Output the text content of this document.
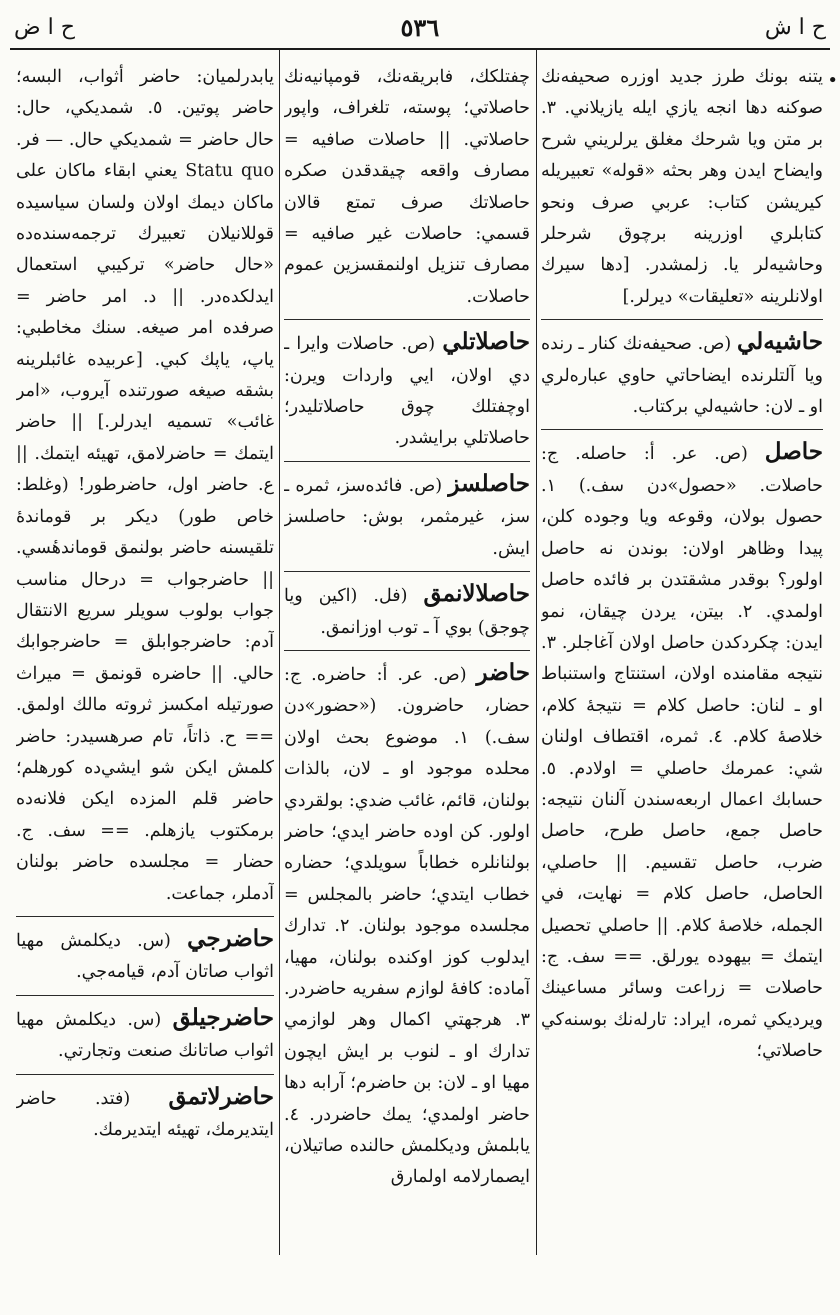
ح ا ض	٥٣٦	ح ا ش
•

يتنه بونك طرز جديد اوزره صحيفه‌نك صوكنه دها انجه يازي ايله يازيلاني. ٣. بر متن ويا شرحك مغلق يرلريني شرح وايضاح ايدن وهر بحثه «قوله» تعبيريله كيريشن كتاب: عربي صرف ونحو كتابلري اوزرينه برچوق شرحلر وحاشيه‌لر يا. زلمشدر. [دها سيرك اولانلرينه «تعليقات» ديرلر.]

حاشيه‌لي (ص. صحيفه‌نك كنار ـ رنده ويا آلتلرنده ايضاحاتي حاوي عباره‌لري او ـ لان: حاشيه‌لي بركتاب.

حاصل (ص. عر. أ: حاصله. ج: حاصلات. «حصول»دن سف.) ١. حصول بولان، وقوعه ويا وجوده كلن، پيدا وظاهر اولان: بوندن نه حاصل اولور؟ بوقدر مشقتدن بر فائده حاصل اولمدي. ٢. بيتن، يردن چيقان، نمو ايدن: چكردكدن حاصل اولان آغاجلر. ٣. نتيجه مقامنده اولان، استنتاج واستنباط او ـ لنان: حاصل كلام = نتيجهٔ كلام، خلاصهٔ كلام. ٤. ثمره، اقتطاف اولنان شي: عمرمك حاصلي = اولادم. ٥. حسابك اعمال اربعه‌سندن آلنان نتيجه: حاصل جمع، حاصل طرح، حاصل ضرب، حاصل تقسيم. || حاصلي، الحاصل، حاصل كلام = نهايت، في الجمله، خلاصهٔ كلام. || حاصلي تحصيل ايتمك = بيهوده يورلق. == سف. ج: حاصلات = زراعت وسائر مساعينك ويرديكي ثمره، ايراد: تارله‌نك بوسنه‌كي حاصلاتي؛

چفتلكك، فابريقه‌نك، قومپانيه‌نك حاصلاتي؛ پوسته، تلغراف، واپور حاصلاتي. || حاصلات صافيه = مصارف واقعه چيقدقدن صكره حاصلاتك صرف تمتع قالان قسمي: حاصلات غير صافيه = مصارف تنزيل اولنمقسزين عموم حاصلات.

حاصلاتلي (ص. حاصلات وايرا ـ دي اولان، ايي واردات ويرن: اوچفتلك چوق حاصلاتليدر؛ حاصلاتلي برايشدر.

حاصلسز (ص. فائده‌سز، ثمره ـ سز، غيرمثمر، بوش: حاصلسز ايش.

حاصلالانمق (فل. (اكين ويا چوجق) بوي آ ـ توب اوزانمق.

حاضر (ص. عر. أ: حاضره. ج: حضار، حاضرون. («حضور»دن سف.) ١. موضوع بحث اولان محلده موجود او ـ لان، بالذات بولنان، قائم، غائب ضدي: بولقردي اولور. كن اوده حاضر ايدي؛ حاضر بولنانلره خطاباً سويلدي؛ حضاره خطاب ايتدي؛ حاضر بالمجلس = مجلسده موجود بولنان. ٢. تدارك ايدلوب كوز اوكنده بولنان، مهيا، آماده: كافهٔ لوازم سفريه حاضردر. ٣. هرجهتي اكمال وهر لوازمي تدارك او ـ لنوب بر ايش ايچون مهيا او ـ لان: بن حاضرم؛ آرابه دها حاضر اولمدي؛ يمك حاضردر. ٤. يابلمش وديكلمش حالنده صاتيلان، ايصمارلامه اولمارق

يابدرلميان: حاضر أثواب، البسه؛ حاضر پوتين. ٥. شمديكي، حال: حال حاضر = شمديكي حال. — فر. Statu quo يعني ابقاء ماكان على ماكان ديمك اولان ولسان سياسيده قوللانيلان تعبيرك ترجمه‌سنده‌ده «حال حاضر» تركيبي استعمال ايدلكده‌در. || د. امر حاضر = صرفده امر صيغه. سنك مخاطبي: ياپ، ياپك كبي. [عربيده غائبلرينه بشقه صيغه صورتنده آيروب، «امر غائب» تسميه ايدرلر.] || حاضر ايتمك = حاضرلامق، تهيئه ايتمك. || ع. حاضر اول، حاضرطور! (وغلط: خاص طور) ديكر بر قوماندهٔ تلقيسنه حاضر بولنمق قوماندهٔسي. || حاضرجواب = درحال مناسب جواب بولوب سويلر سريع الانتقال آدم: حاضرجوابلق = حاضرجوابك حالي. || حاضره قونمق = ميراث صورتيله امكسز ثروته مالك اولمق. == ح. ذاتاً، تام صرهسيدر: حاضر كلمش ايكن شو ايشي‌ده كورهلم؛ حاضر قلم المزده ايكن فلانه‌ده برمكتوب يازهلم. == سف. ج. حضار = مجلسده حاضر بولنان آدملر، جماعت.

حاضرجي (س. ديكلمش مهيا اثواب صاتان آدم، قيامه‌جي.

حاضرجيلق (س. ديكلمش مهيا اثواب صاتانك صنعت وتجارتي.

حاضرلاتمق (فتد. حاضر ايتديرمك، تهيئه ايتديرمك.
